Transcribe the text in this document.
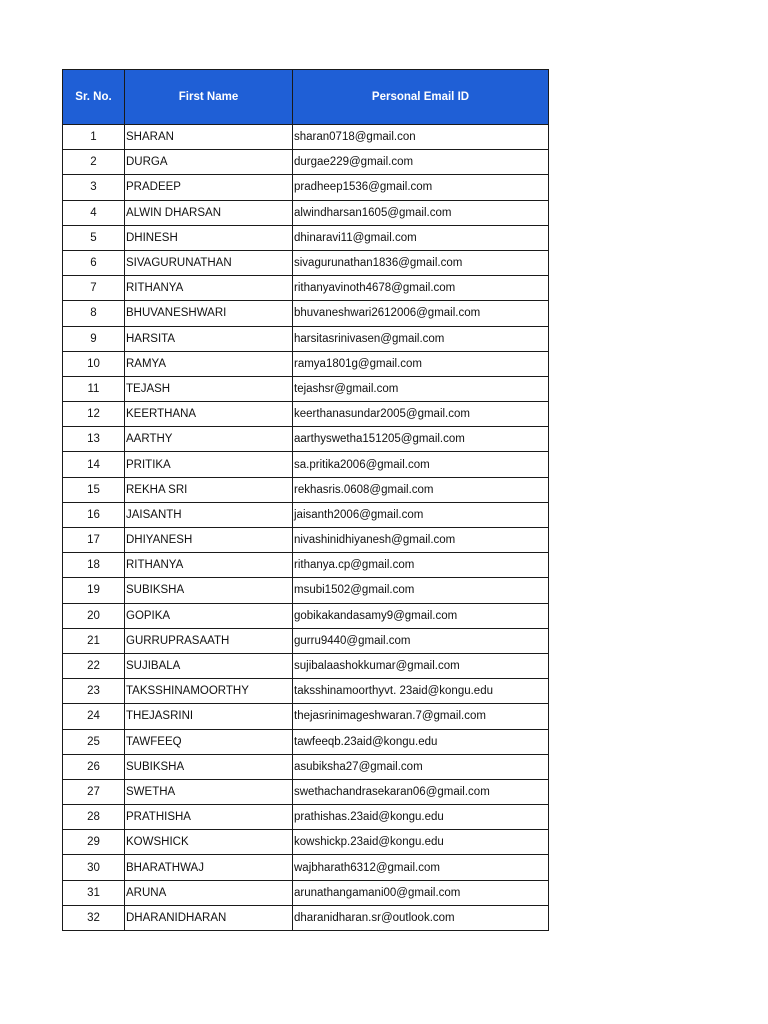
Sr. No.	First Name	Personal Email ID
1	SHARAN	sharan0718@gmail.con
2	DURGA	durgae229@gmail.com
3	PRADEEP	pradheep1536@gmail.com
4	ALWIN DHARSAN	alwindharsan1605@gmail.com
5	DHINESH	dhinaravi11@gmail.com
6	SIVAGURUNATHAN	sivagurunathan1836@gmail.com
7	RITHANYA	rithanyavinoth4678@gmail.com
8	BHUVANESHWARI	bhuvaneshwari2612006@gmail.com
9	HARSITA	harsitasrinivasen@gmail.com
10	RAMYA	ramya1801g@gmail.com
11	TEJASH	tejashsr@gmail.com
12	KEERTHANA	keerthanasundar2005@gmail.com
13	AARTHY	aarthyswetha151205@gmail.com
14	PRITIKA	sa.pritika2006@gmail.com
15	REKHA SRI	rekhasris.0608@gmail.com
16	JAISANTH	jaisanth2006@gmail.com
17	DHIYANESH	nivashinidhiyanesh@gmail.com
18	RITHANYA	rithanya.cp@gmail.com
19	SUBIKSHA	msubi1502@gmail.com
20	GOPIKA	gobikakandasamy9@gmail.com
21	GURRUPRASAATH	gurru9440@gmail.com
22	SUJIBALA	sujibalaashokkumar@gmail.com
23	TAKSSHINAMOORTHY	taksshinamoorthyvt. 23aid@kongu.edu
24	THEJASRINI	thejasrinimageshwaran.7@gmail.com
25	TAWFEEQ	tawfeeqb.23aid@kongu.edu
26	SUBIKSHA	asubiksha27@gmail.com
27	SWETHA	swethachandrasekaran06@gmail.com
28	PRATHISHA	prathishas.23aid@kongu.edu
29	KOWSHICK	kowshickp.23aid@kongu.edu
30	BHARATHWAJ	wajbharath6312@gmail.com
31	ARUNA	arunathangamani00@gmail.com
32	DHARANIDHARAN	dharanidharan.sr@outlook.com
